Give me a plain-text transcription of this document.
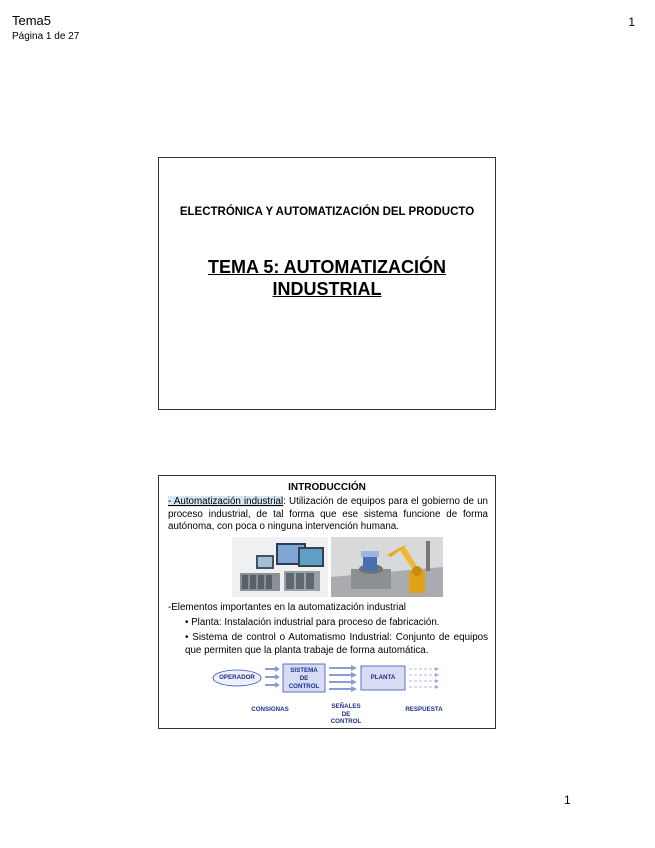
Tema5
Página 1 de 27
1
ELECTRÓNICA Y AUTOMATIZACIÓN DEL PRODUCTO
TEMA 5: AUTOMATIZACIÓN
INDUSTRIAL
INTRODUCCIÓN
- Automatización industrial: Utilización de equipos para el gobierno de un proceso industrial, de tal forma que ese sistema funcione de forma autónoma, con poca o ninguna intervención humana.
-Elementos importantes en la automatización industrial
• Planta: Instalación industrial para proceso de fabricación.
• Sistema de control o Automatismo Industrial: Conjunto de equipos que permiten que la planta trabaje de forma automática.
OPERADOR
SISTEMA
DE
CONTROL
PLANTA
CONSIGNAS	SEÑALES
DE
CONTROL
RESPUESTA
1
